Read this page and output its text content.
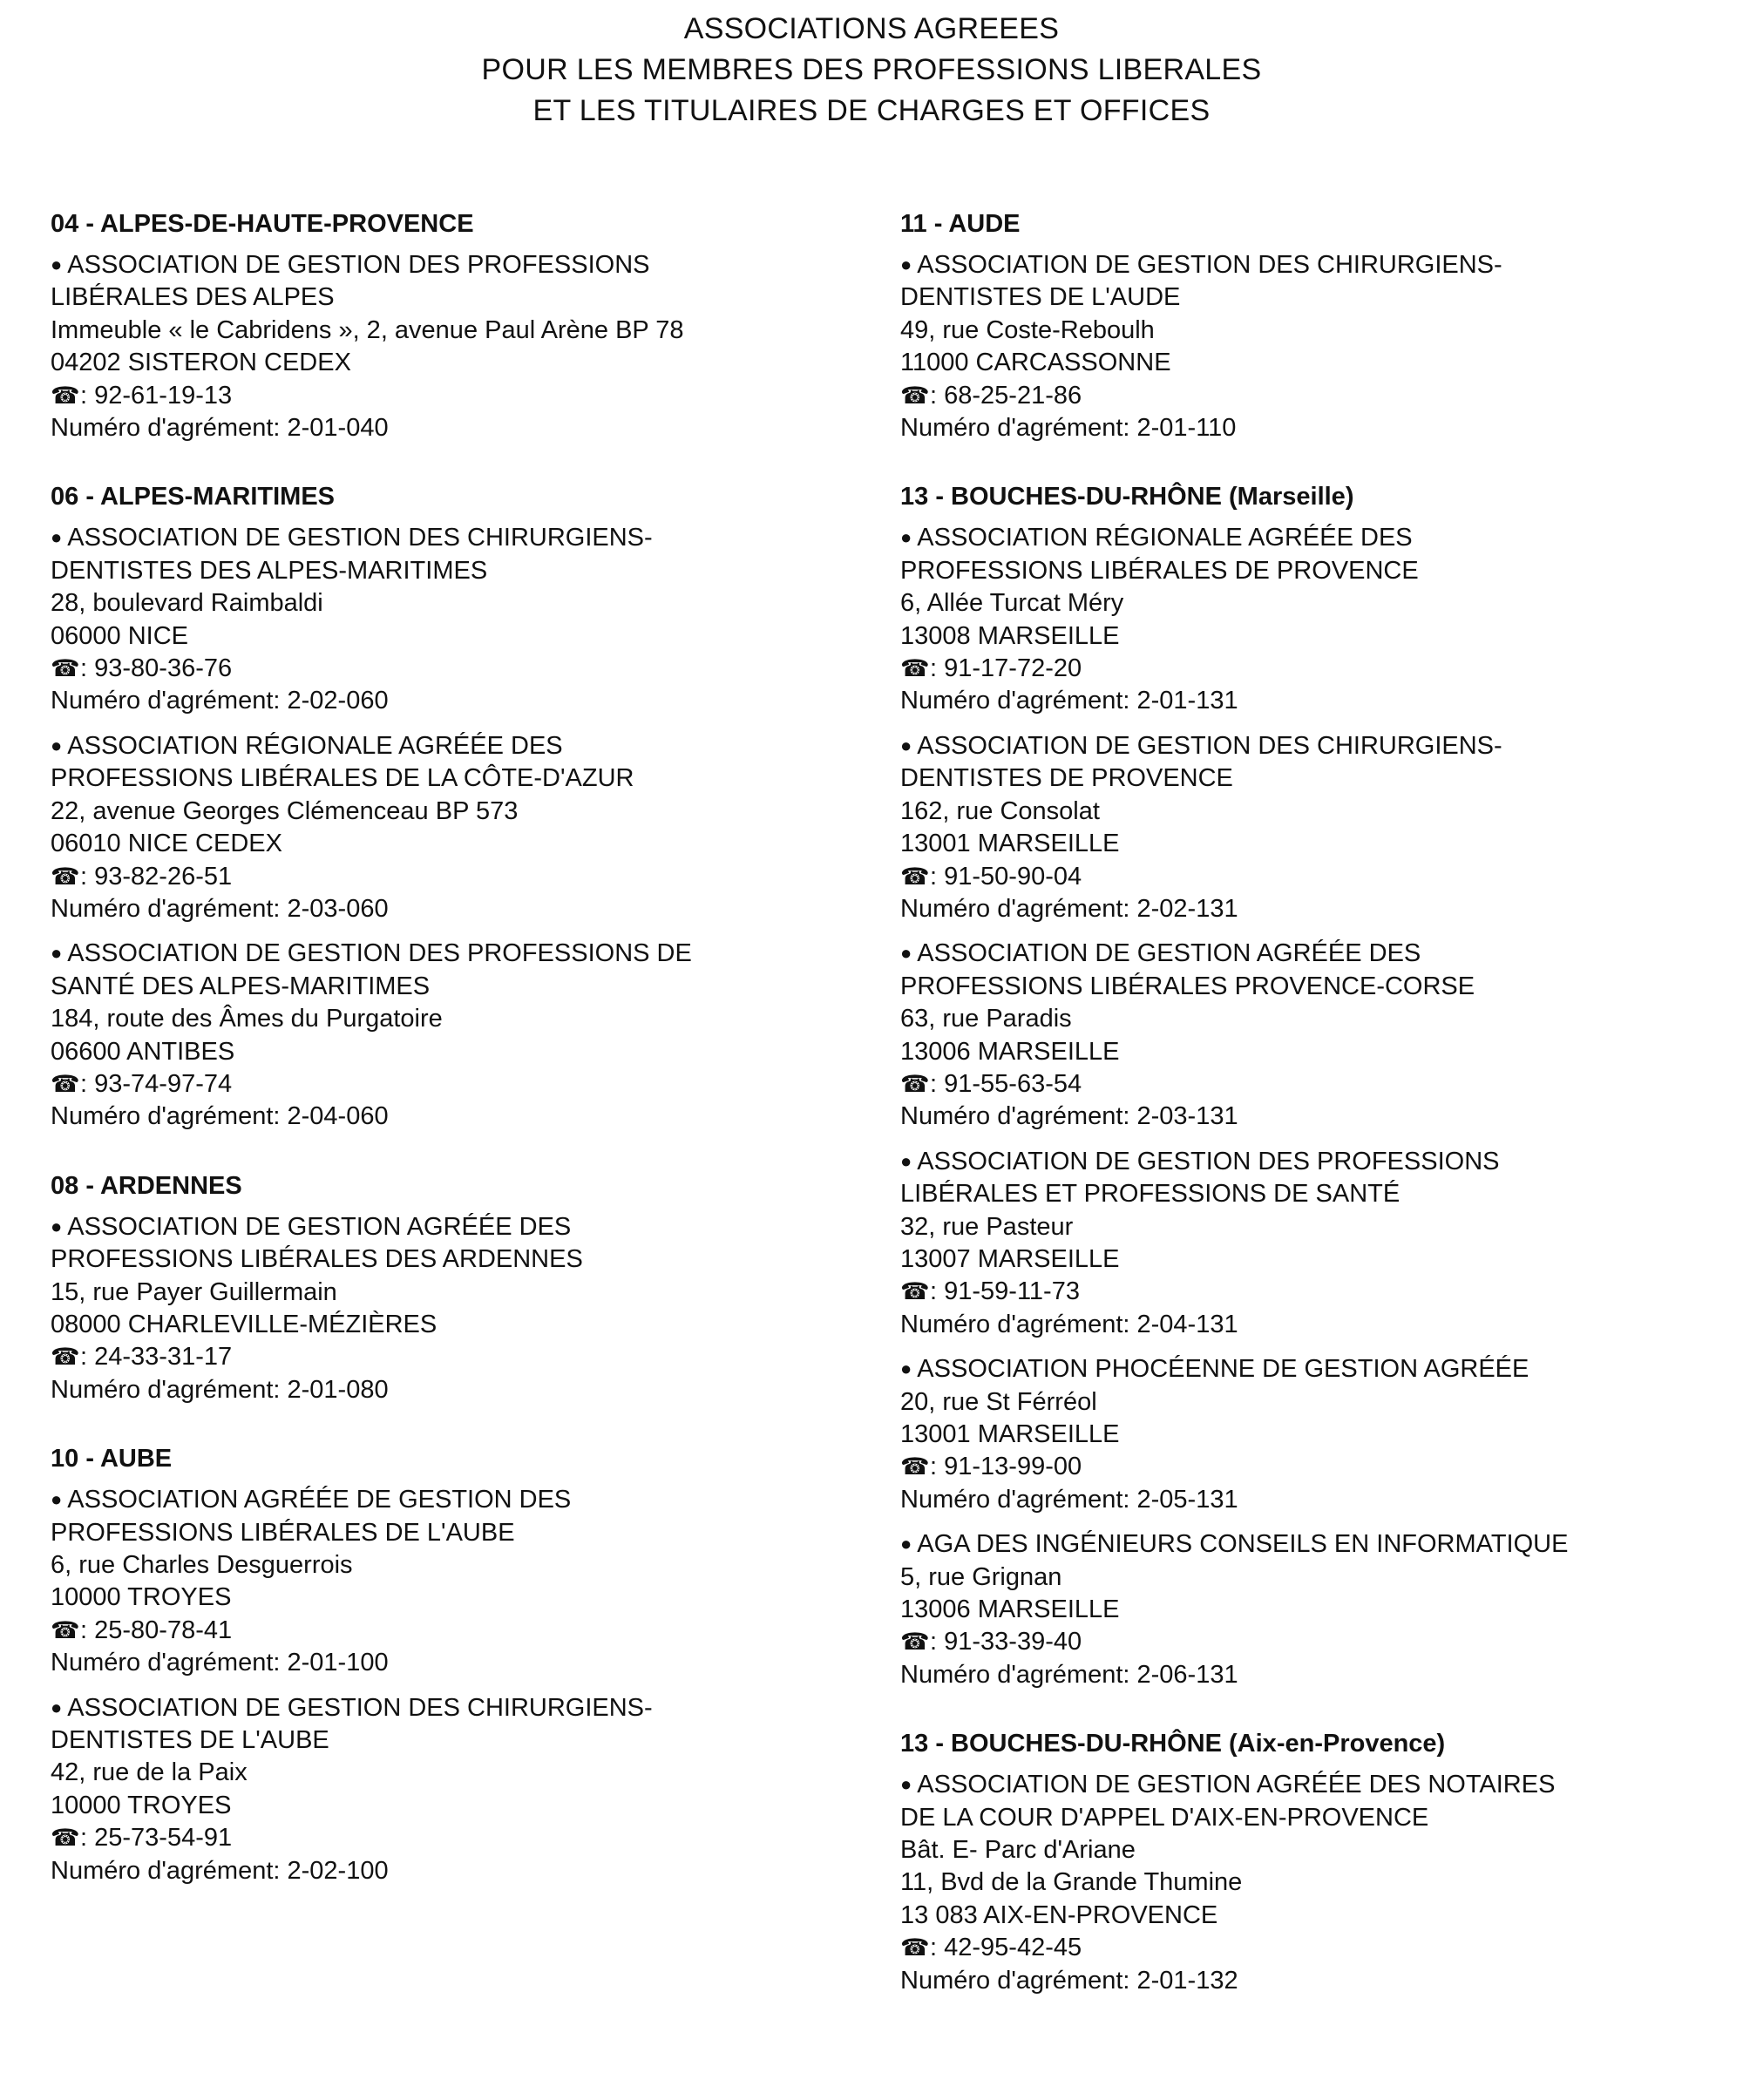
ASSOCIATIONS AGREEES
POUR LES MEMBRES DES PROFESSIONS LIBERALES
ET LES TITULAIRES DE CHARGES ET OFFICES
04 - ALPES-DE-HAUTE-PROVENCE
● ASSOCIATION DE GESTION DES PROFESSIONS
LIBÉRALES DES ALPES
Immeuble « le Cabridens », 2, avenue Paul Arène BP 78
04202 SISTERON CEDEX
☎: 92-61-19-13
Numéro d'agrément: 2-01-040
06 - ALPES-MARITIMES
● ASSOCIATION DE GESTION DES CHIRURGIENS-
DENTISTES DES ALPES-MARITIMES
28, boulevard Raimbaldi
06000 NICE
☎: 93-80-36-76
Numéro d'agrément: 2-02-060
● ASSOCIATION RÉGIONALE AGRÉÉE DES
PROFESSIONS LIBÉRALES DE LA CÔTE-D'AZUR
22, avenue Georges Clémenceau BP 573
06010 NICE CEDEX
☎: 93-82-26-51
Numéro d'agrément: 2-03-060
● ASSOCIATION DE GESTION DES PROFESSIONS DE
SANTÉ DES ALPES-MARITIMES
184, route des Âmes du Purgatoire
06600 ANTIBES
☎: 93-74-97-74
Numéro d'agrément: 2-04-060
08 - ARDENNES
● ASSOCIATION DE GESTION AGRÉÉE DES
PROFESSIONS LIBÉRALES DES ARDENNES
15, rue Payer Guillermain
08000 CHARLEVILLE-MÉZIÈRES
☎: 24-33-31-17
Numéro d'agrément: 2-01-080
10 - AUBE
● ASSOCIATION AGRÉÉE DE GESTION DES
PROFESSIONS LIBÉRALES DE L'AUBE
6, rue Charles Desguerrois
10000 TROYES
☎: 25-80-78-41
Numéro d'agrément: 2-01-100
● ASSOCIATION DE GESTION DES CHIRURGIENS-
DENTISTES DE L'AUBE
42, rue de la Paix
10000 TROYES
☎: 25-73-54-91
Numéro d'agrément: 2-02-100
11 - AUDE
● ASSOCIATION DE GESTION DES CHIRURGIENS-
DENTISTES DE L'AUDE
49, rue Coste-Reboulh
11000 CARCASSONNE
☎: 68-25-21-86
Numéro d'agrément: 2-01-110
13 - BOUCHES-DU-RHÔNE (Marseille)
● ASSOCIATION RÉGIONALE AGRÉÉE DES
PROFESSIONS LIBÉRALES DE PROVENCE
6, Allée Turcat Méry
13008 MARSEILLE
☎: 91-17-72-20
Numéro d'agrément: 2-01-131
● ASSOCIATION DE GESTION DES CHIRURGIENS-
DENTISTES DE PROVENCE
162, rue Consolat
13001 MARSEILLE
☎: 91-50-90-04
Numéro d'agrément: 2-02-131
● ASSOCIATION DE GESTION AGRÉÉE DES
PROFESSIONS LIBÉRALES PROVENCE-CORSE
63, rue Paradis
13006 MARSEILLE
☎: 91-55-63-54
Numéro d'agrément: 2-03-131
● ASSOCIATION DE GESTION DES PROFESSIONS
LIBÉRALES ET PROFESSIONS DE SANTÉ
32, rue Pasteur
13007 MARSEILLE
☎: 91-59-11-73
Numéro d'agrément: 2-04-131
● ASSOCIATION PHOCÉENNE DE GESTION AGRÉÉE
20, rue St Férréol
13001 MARSEILLE
☎: 91-13-99-00
Numéro d'agrément: 2-05-131
● AGA DES INGÉNIEURS CONSEILS EN INFORMATIQUE
5, rue Grignan
13006 MARSEILLE
☎: 91-33-39-40
Numéro d'agrément: 2-06-131
13 - BOUCHES-DU-RHÔNE (Aix-en-Provence)
● ASSOCIATION DE GESTION AGRÉÉE DES NOTAIRES
DE LA COUR D'APPEL D'AIX-EN-PROVENCE
Bât. E- Parc d'Ariane
11, Bvd de la Grande Thumine
13 083 AIX-EN-PROVENCE
☎: 42-95-42-45
Numéro d'agrément: 2-01-132
